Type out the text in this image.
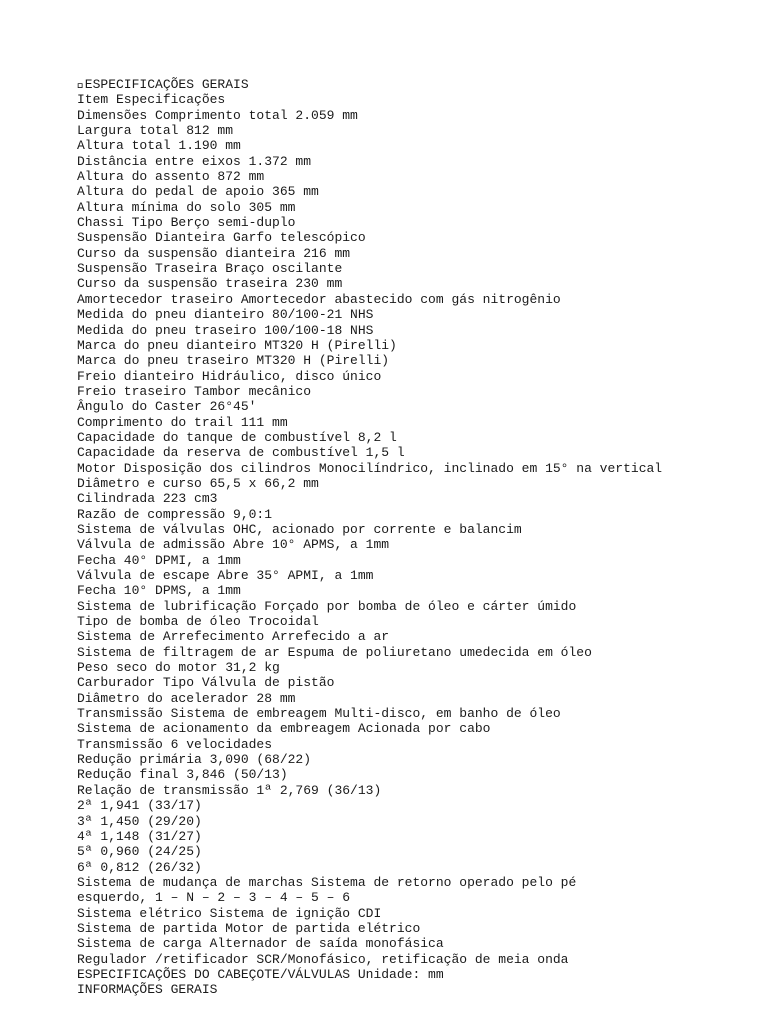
ESPECIFICAÇÕES GERAIS

Item Especificações

Dimensões Comprimento total 2.059 mm

Largura total 812 mm

Altura total 1.190 mm

Distância entre eixos 1.372 mm

Altura do assento 872 mm

Altura do pedal de apoio 365 mm

Altura mínima do solo 305 mm

Chassi Tipo Berço semi-duplo

Suspensão Dianteira Garfo telescópico

Curso da suspensão dianteira 216 mm

Suspensão Traseira Braço oscilante

Curso da suspensão traseira 230 mm

Amortecedor traseiro Amortecedor abastecido com gás nitrogênio

Medida do pneu dianteiro 80/100-21 NHS

Medida do pneu traseiro 100/100-18 NHS

Marca do pneu dianteiro MT320 H (Pirelli)

Marca do pneu traseiro MT320 H (Pirelli)

Freio dianteiro Hidráulico, disco único

Freio traseiro Tambor mecânico

Ângulo do Caster 26°45'

Comprimento do trail 111 mm

Capacidade do tanque de combustível 8,2 l

Capacidade da reserva de combustível 1,5 l

Motor Disposição dos cilindros Monocilíndrico, inclinado em 15° na vertical

Diâmetro e curso 65,5 x 66,2 mm

Cilindrada 223 cm3

Razão de compressão 9,0:1

Sistema de válvulas OHC, acionado por corrente e balancim

Válvula de admissão Abre 10° APMS, a 1mm

Fecha 40° DPMI, a 1mm

Válvula de escape Abre 35° APMI, a 1mm

Fecha 10° DPMS, a 1mm

Sistema de lubrificação Forçado por bomba de óleo e cárter úmido

Tipo de bomba de óleo Trocoidal

Sistema de Arrefecimento Arrefecido a ar

Sistema de filtragem de ar Espuma de poliuretano umedecida em óleo

Peso seco do motor 31,2 kg

Carburador Tipo Válvula de pistão

Diâmetro do acelerador 28 mm

Transmissão Sistema de embreagem Multi-disco, em banho de óleo

Sistema de acionamento da embreagem Acionada por cabo

Transmissão 6 velocidades

Redução primária 3,090 (68/22)

Redução final 3,846 (50/13)

Relação de transmissão 1ª 2,769 (36/13)

2ª 1,941 (33/17)

3ª 1,450 (29/20)

4ª 1,148 (31/27)

5ª 0,960 (24/25)

6ª 0,812 (26/32)

Sistema de mudança de marchas Sistema de retorno operado pelo pé

esquerdo, 1 – N – 2 – 3 – 4 – 5 – 6

Sistema elétrico Sistema de ignição CDI

Sistema de partida Motor de partida elétrico

Sistema de carga Alternador de saída monofásica

Regulador /retificador SCR/Monofásico, retificação de meia onda

ESPECIFICAÇÕES DO CABEÇOTE/VÁLVULAS Unidade: mm

INFORMAÇÕES GERAIS
